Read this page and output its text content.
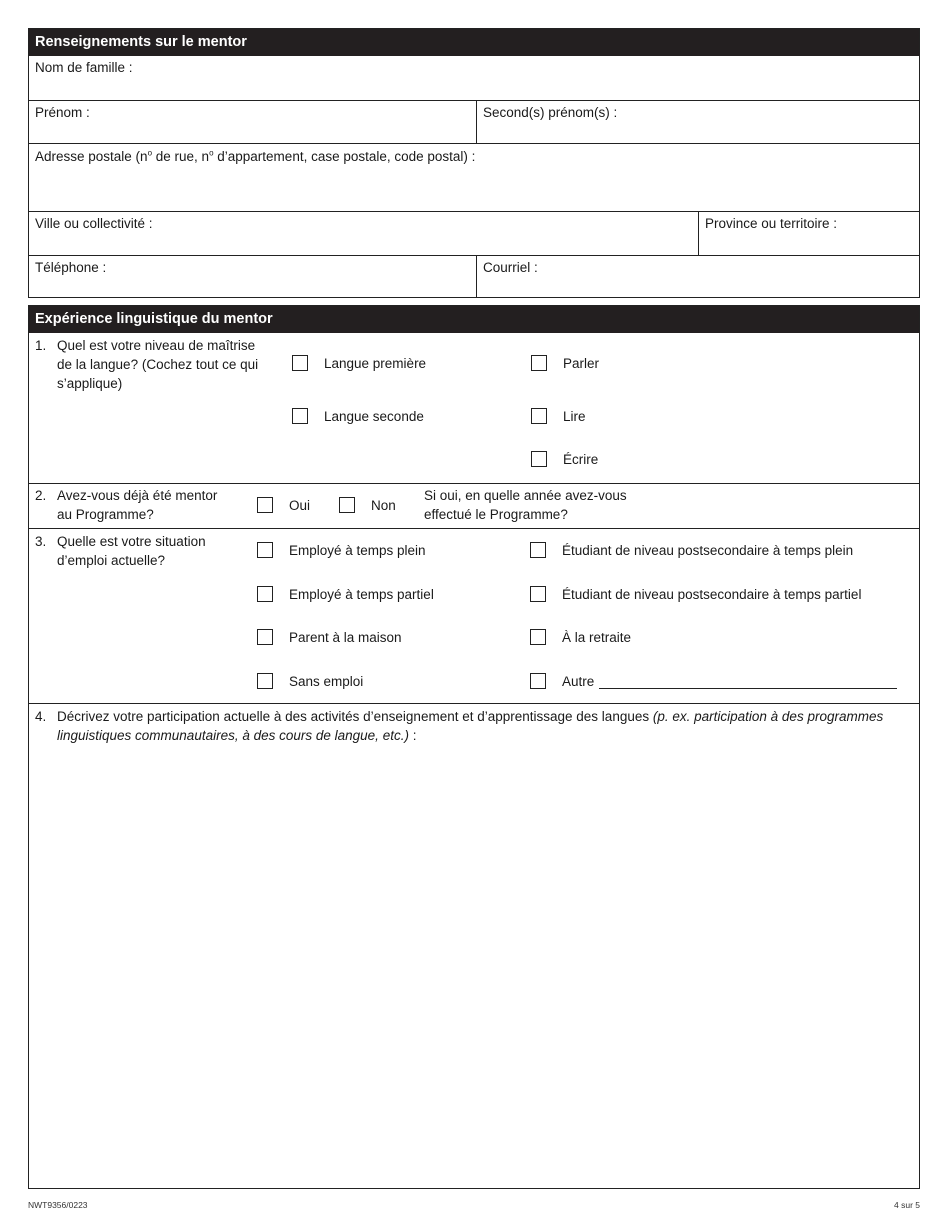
Renseignements sur le mentor
Nom de famille :
Prénom :	Second(s) prénom(s) :
Adresse postale ($n^o$ de rue, $n^o$ d’appartement, case postale, code postal) :
Ville ou collectivité :	Province ou territoire :
Téléphone :	Courriel :
Expérience linguistique du mentor
1. Quel est votre niveau de maîtrise
de la langue? (Cochez tout ce qui
s’applique)
Langue première
Langue seconde
Parler
Lire
Écrire
2. Avez-vous déjà été mentor
au Programme?
Oui	Non
Si oui, en quelle année avez-vous
effectué le Programme?
3. Quelle est votre situation
d’emploi actuelle?
Employé à temps plein
Employé à temps partiel
Parent à la maison
Sans emploi
Étudiant de niveau postsecondaire à temps plein
Étudiant de niveau postsecondaire à temps partiel
À la retraite
Autre
4. Décrivez votre participation actuelle à des activités d’enseignement et d’apprentissage des langues (p. ex. participation à des programmes linguistiques communautaires, à des cours de langue, etc.) :
NWT9356/0223	4 sur 5
